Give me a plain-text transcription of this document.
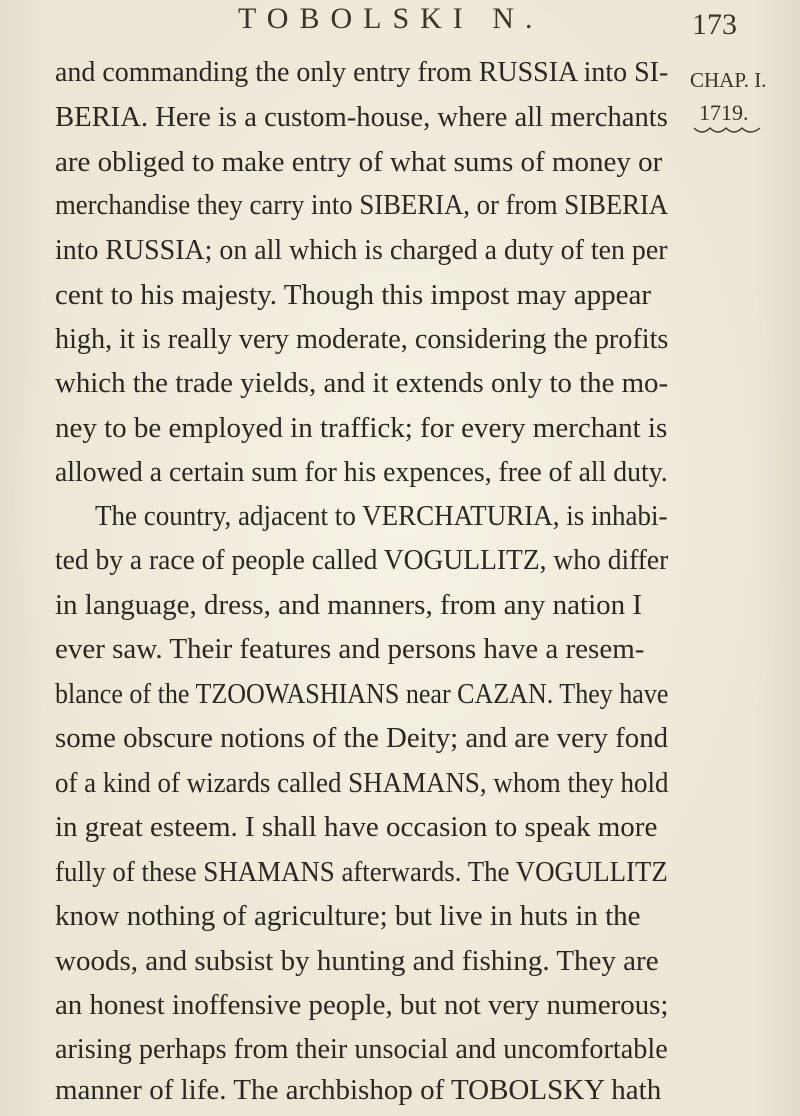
TOBOLSKI N.	173
CHAP. I.
1719.
and commanding the only entry from RUSSIA into SI-
BERIA. Here is a custom-house, where all merchants
are obliged to make entry of what sums of money or
merchandise they carry into SIBERIA, or from SIBERIA
into RUSSIA; on all which is charged a duty of ten per
cent to his majesty. Though this impost may appear
high, it is really very moderate, considering the profits
which the trade yields, and it extends only to the mo-
ney to be employed in traffick; for every merchant is
allowed a certain sum for his expences, free of all duty.
The country, adjacent to VERCHATURIA, is inhabi-
ted by a race of people called VOGULLITZ, who differ
in language, dress, and manners, from any nation I
ever saw. Their features and persons have a resem-
blance of the TZOOWASHIANS near CAZAN. They have
some obscure notions of the Deity; and are very fond
of a kind of wizards called SHAMANS, whom they hold
in great esteem. I shall have occasion to speak more
fully of these SHAMANS afterwards. The VOGULLITZ
know nothing of agriculture; but live in huts in the
woods, and subsist by hunting and fishing. They are
an honest inoffensive people, but not very numerous;
arising perhaps from their unsocial and uncomfortable
manner of life. The archbishop of TOBOLSKY hath
